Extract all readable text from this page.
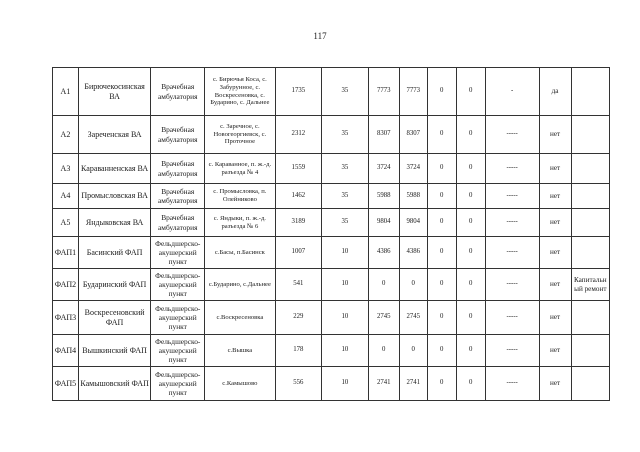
117
А1	Бирючекосинская ВА	Врачебная амбулатория	с. Бирючья Коса, с. Забурунное, с. Воскресеновка, с. Бударино, с. Дальнее	1735	35	7773	7773	0	0	-	да	
А2	Зареченская ВА	Врачебная амбулатория	с. Заречное, с. Новогеоргиевск, с. Проточное	2312	35	8307	8307	0	0	-----	нет	
А3	Караванненская ВА	Врачебная амбулатория	с. Караванное, п. ж.-д. разъезда № 4	1559	35	3724	3724	0	0	-----	нет	
А4	Промысловская ВА	Врачебная амбулатория	с. Промысловка, п. Олейниково	1462	35	5988	5988	0	0	-----	нет	
А5	Яндыковская ВА	Врачебная амбулатория	с. Яндыки, п. ж.-д. разъезда № 6	3189	35	9804	9804	0	0	-----	нет	
ФАП1	Басинский ФАП	Фельдшерско-акушерский пункт	с.Басы, п.Басинск	1007	10	4386	4386	0	0	-----	нет	
ФАП2	Бударинский ФАП	Фельдшерско-акушерский пункт	с.Бударино, с.Дальнее	541	10	0	0	0	0	-----	нет	Капитальный ремонт
ФАП3	Воскресеновский ФАП	Фельдшерско-акушерский пункт	с.Воскресеновка	229	10	2745	2745	0	0	-----	нет	
ФАП4	Вышкинский ФАП	Фельдшерско-акушерский пункт	с.Вышка	178	10	0	0	0	0	-----	нет	
ФАП5	Камышовский ФАП	Фельдшерско-акушерский пункт	с.Камышово	556	10	2741	2741	0	0	-----	нет	
